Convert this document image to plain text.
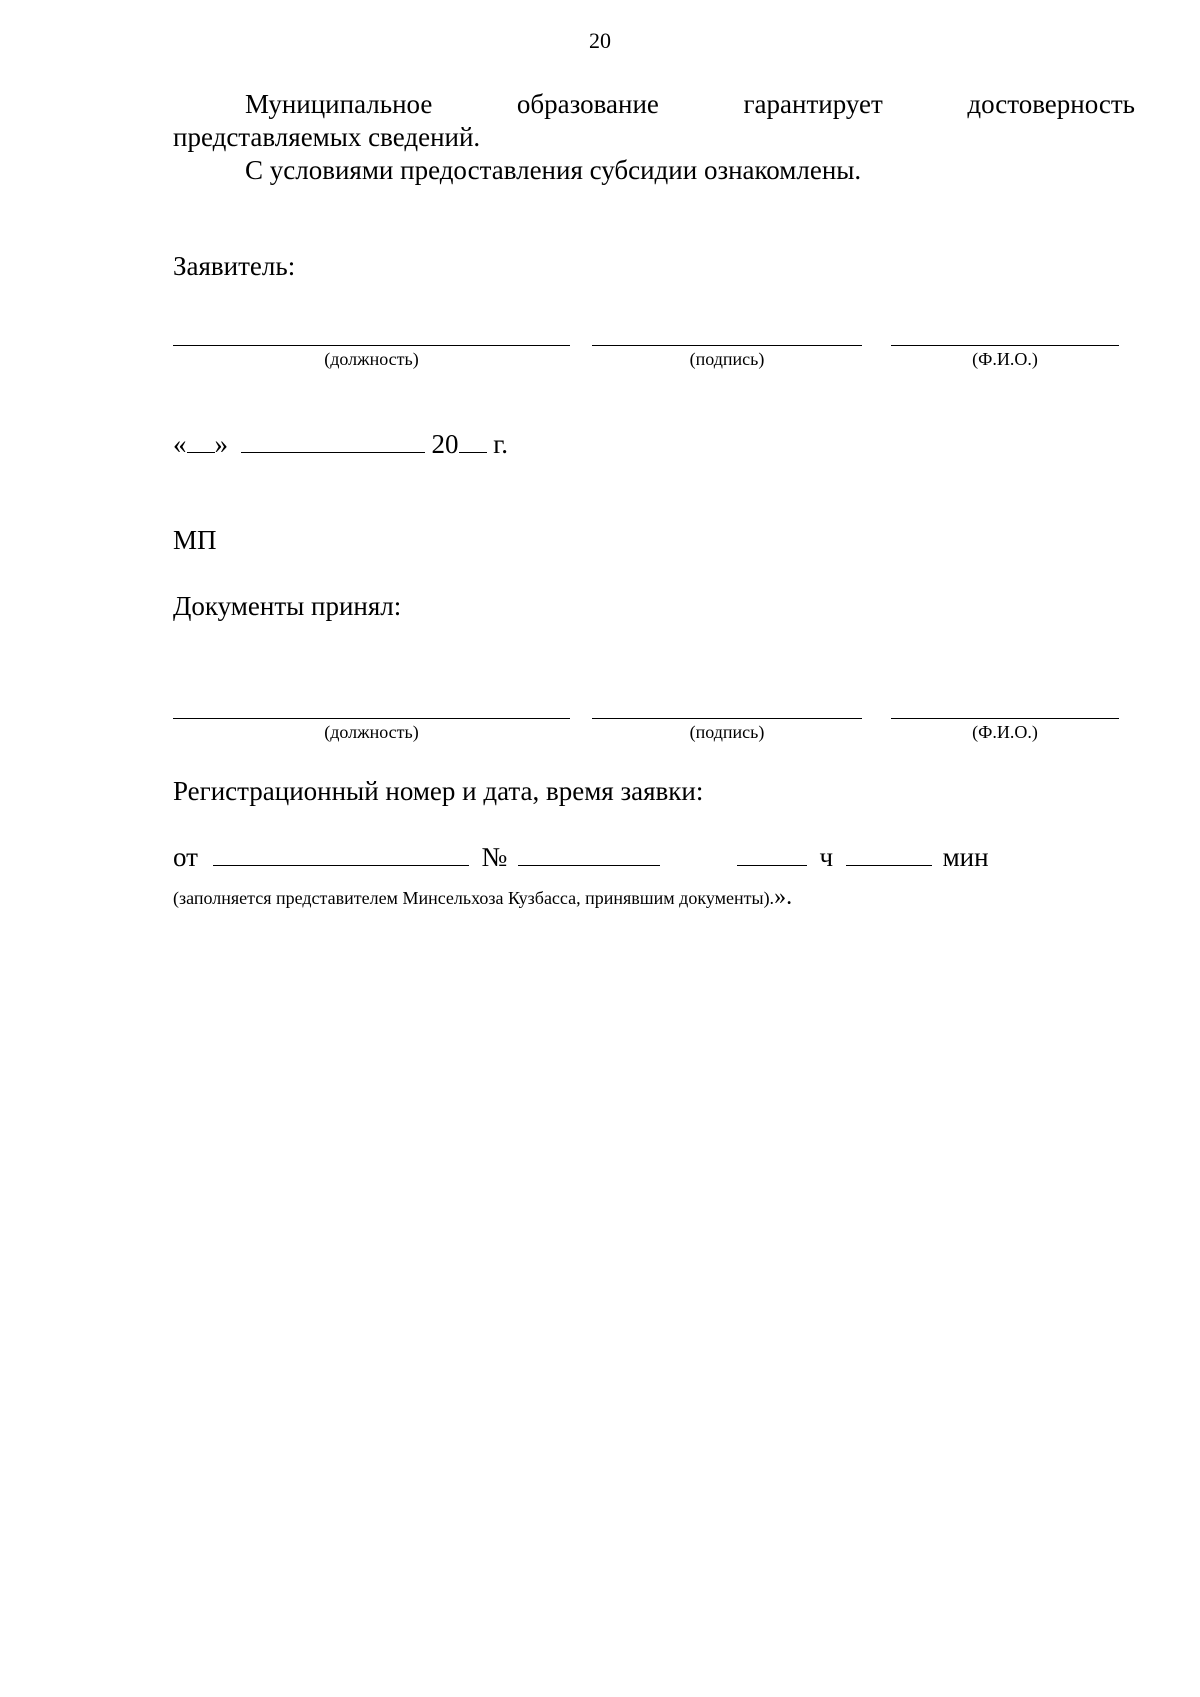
20
Муниципальное	образование	гарантирует	достоверность
представляемых сведений.
С условиями предоставления субсидии ознакомлены.
Заявитель:
(должность)	(подпись)	(Ф.И.О.)
« »	20 г.
МП
Документы принял:
(должность)	(подпись)	(Ф.И.О.)
Регистрационный номер и дата, время заявки:
от	№	ч	мин
(заполняется представителем Минсельхоза Кузбасса, принявшим документы).».
